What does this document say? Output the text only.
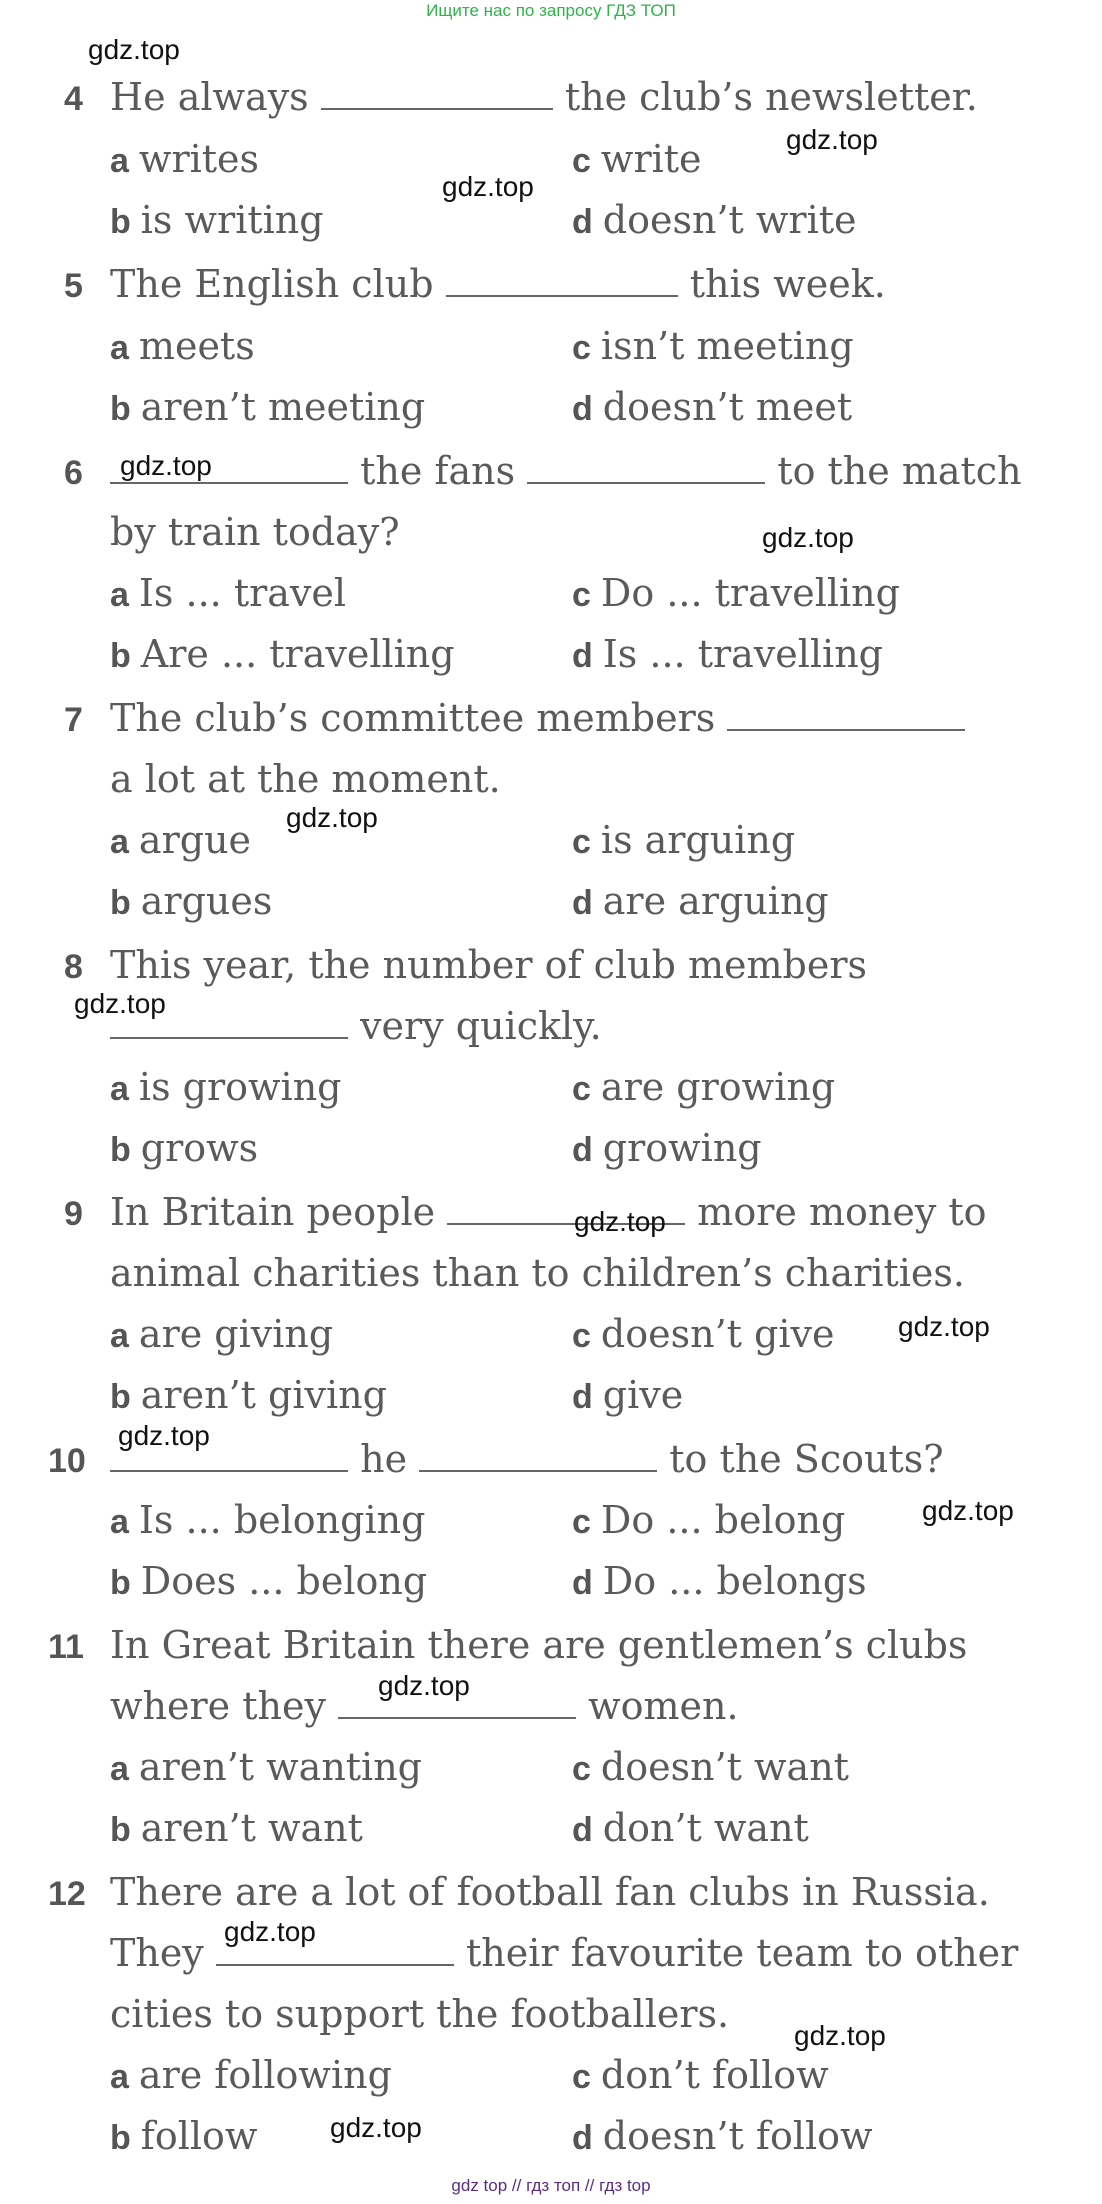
Ищите нас по запросу ГДЗ ТОП
4 He always	the club’s newsletter.
a writes	c write
b is writing	d doesn’t write
5 The English club	this week.
a meets	c isn’t meeting
b aren’t meeting	d doesn’t meet
6	the fans	to the match
by train today?
a Is ... travel	c Do ... travelling
b Are ... travelling	d Is ... travelling
7 The club’s committee members
a lot at the moment.
a argue	c is arguing
b argues	d are arguing
8 This year, the number of club members
very quickly.
a is growing	c are growing
b grows	d growing
9 In Britain people	more money to
animal charities than to children’s charities.
a are giving	c doesn’t give
b aren’t giving	d give
10	he	to the Scouts?
a Is ... belonging	c Do ... belong
b Does ... belong	d Do ... belongs
11 In Great Britain there are gentlemen’s clubs
where they	women.
a aren’t wanting	c doesn’t want
b aren’t want	d don’t want
12 There are a lot of football fan clubs in Russia.
They	their favourite team to other
cities to support the footballers.
a are following	c don’t follow
b follow	d doesn’t follow
gdz.top
gdz.top
gdz.top
gdz.top
gdz.top
gdz.top
gdz.top
gdz.top
gdz.top
gdz.top
gdz.top
gdz.top
gdz.top
gdz.top
gdz.top
gdz top // гдз топ // гдз top
